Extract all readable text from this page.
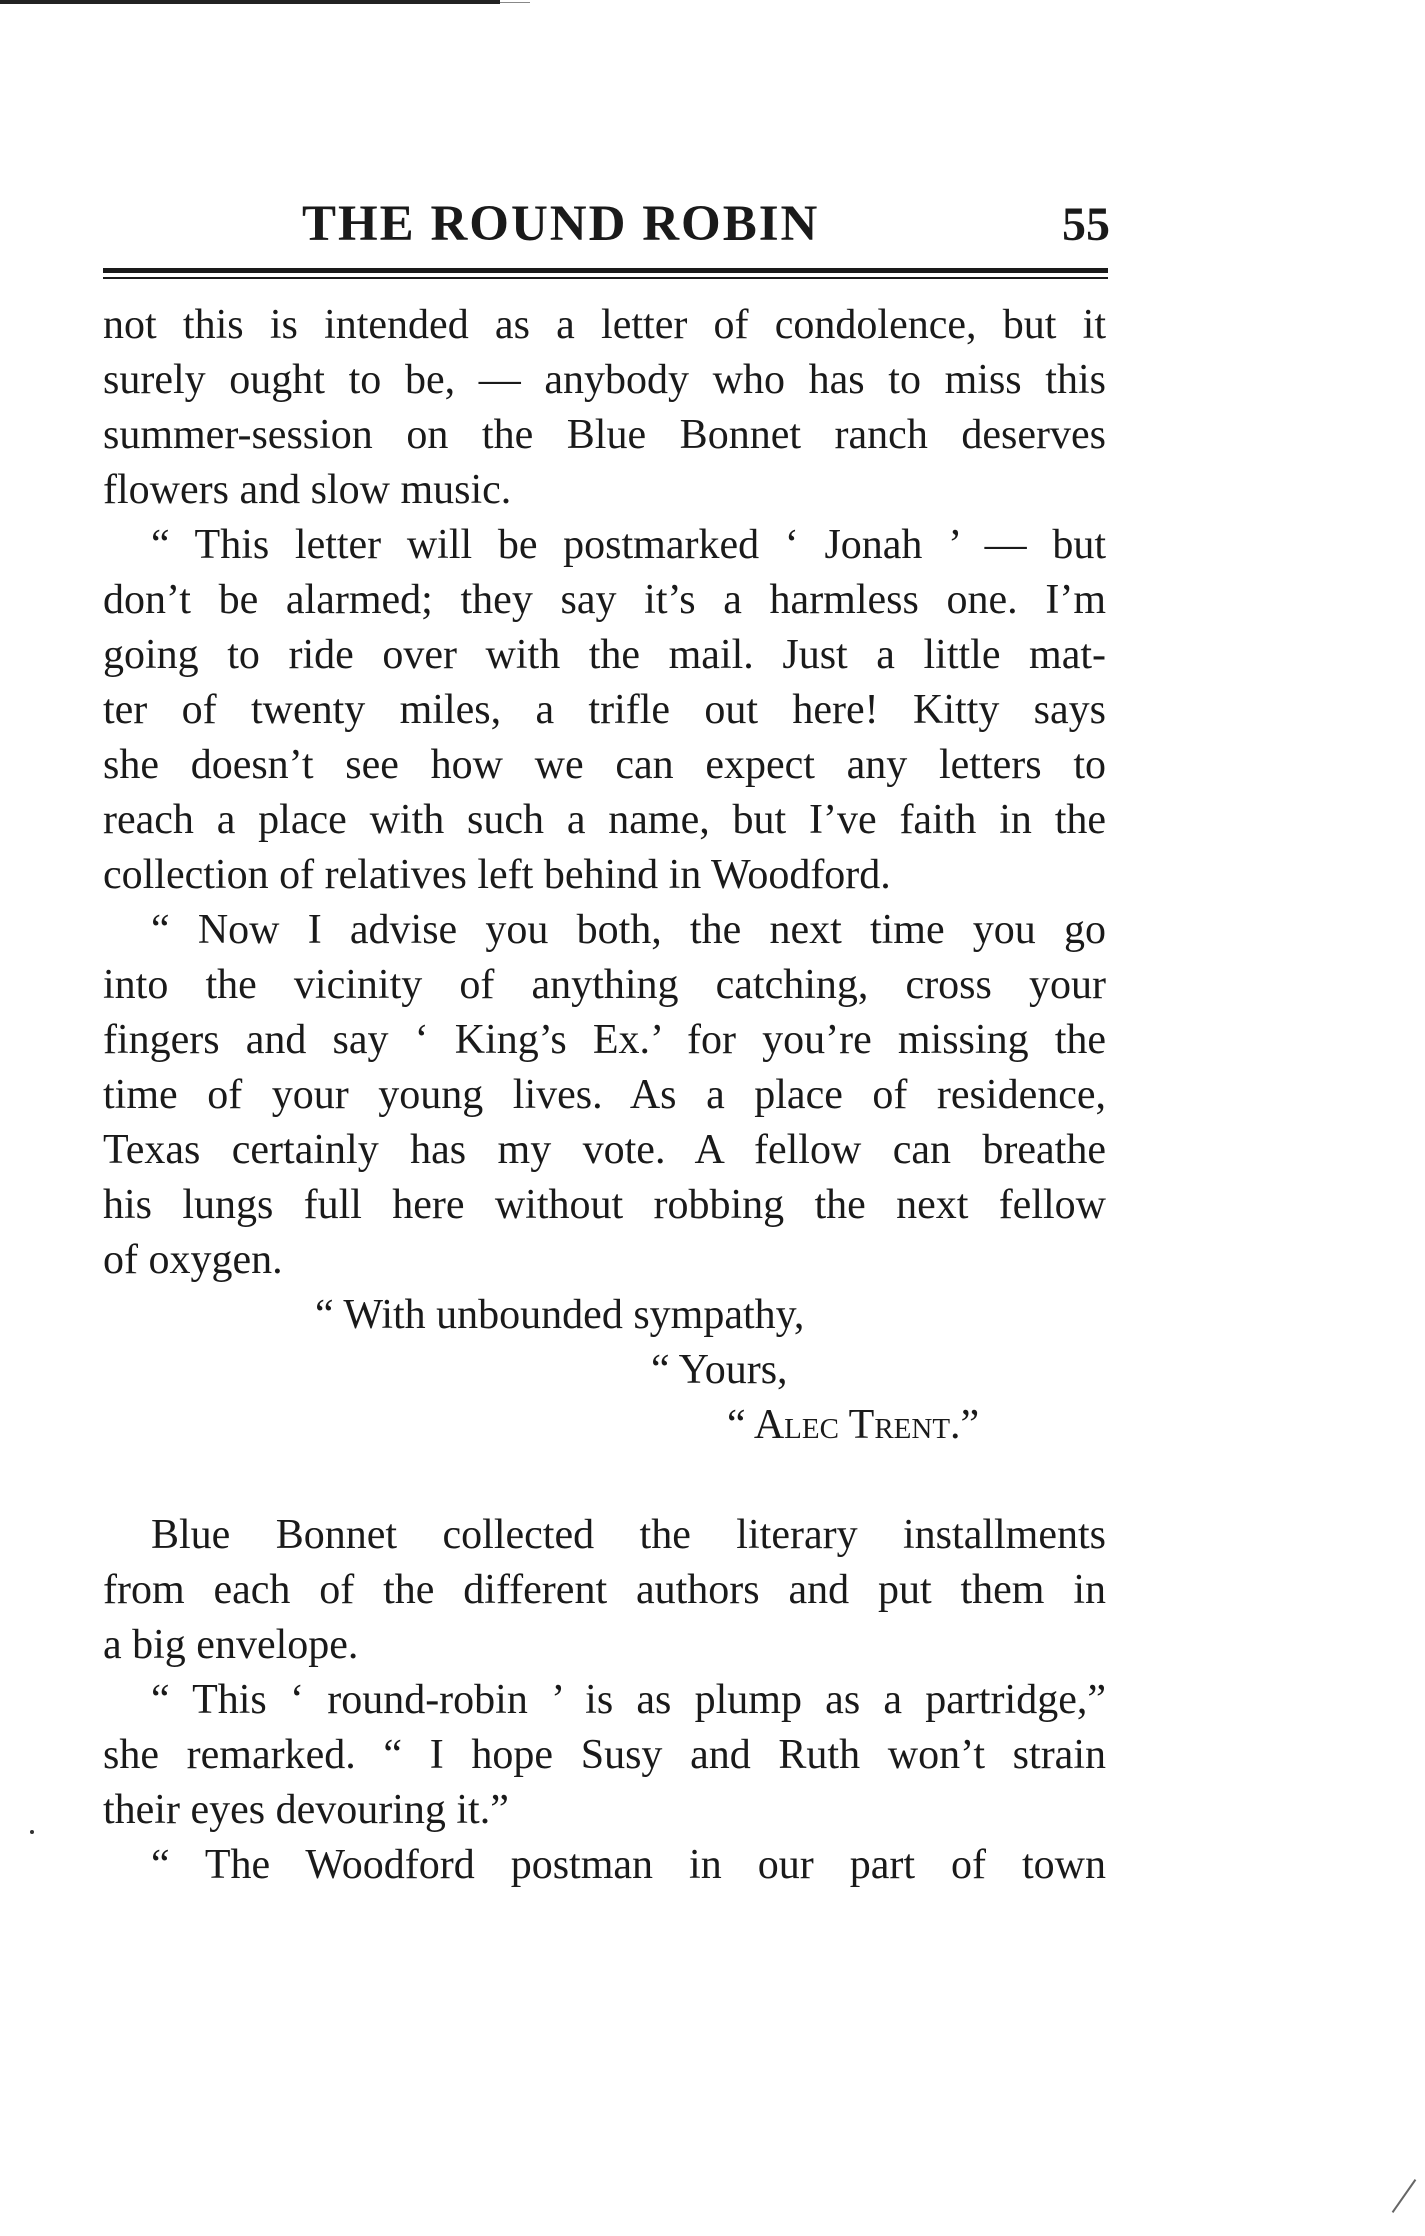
THE ROUND ROBIN	55
not this is intended as a letter of condolence, but it
surely ought to be, — anybody who has to miss this
summer-session on the Blue Bonnet ranch deserves
flowers and slow music.
“ This letter will be postmarked ‘ Jonah ’ — but
don’t be alarmed; they say it’s a harmless one. I’m
going to ride over with the mail. Just a little mat-
ter of twenty miles, a trifle out here! Kitty says
she doesn’t see how we can expect any letters to
reach a place with such a name, but I’ve faith in the
collection of relatives left behind in Woodford.
“ Now I advise you both, the next time you go
into the vicinity of anything catching, cross your
fingers and say ‘ King’s Ex.’ for you’re missing the
time of your young lives. As a place of residence,
Texas certainly has my vote. A fellow can breathe
his lungs full here without robbing the next fellow
of oxygen.
“ With unbounded sympathy,
“ Yours,
“ Alec Trent.”
Blue Bonnet collected the literary installments
from each of the different authors and put them in
a big envelope.
“ This ‘ round-robin ’ is as plump as a partridge,”
she remarked. “ I hope Susy and Ruth won’t strain
their eyes devouring it.”
“ The Woodford postman in our part of town
